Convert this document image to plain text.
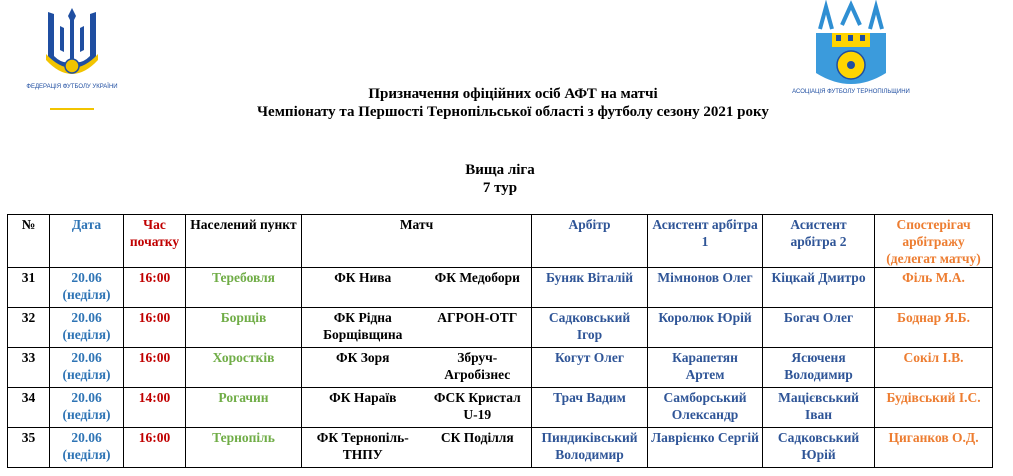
ФЕДЕРАЦІЯ ФУТБОЛУ УКРАЇНИ
АСОЦІАЦІЯ ФУТБОЛУ ТЕРНОПІЛЬЩИНИ
Призначення офіційних осіб АФТ на матчі
Чемпіонату та Першості Тернопільської області з футболу сезону 2021 року
Вища ліга
7 тур
№	Дата	Час початку	Населений пункт	Матч		Арбітр	Асистент арбітра 1	Асистент арбітра 2	Спостерігач арбітражу (делегат матчу)
31	20.06 (неділя)	16:00	Теребовля	ФК Нива	ФК Медобори	Буняк Віталій	Мімнонов Олег	Кіцкай Дмитро	Філь М.А.
32	20.06 (неділя)	16:00	Борщів	ФК Рідна Борщівщина	АГРОН-ОТГ	Садковський Ігор	Королюк Юрій	Богач Олег	Боднар Я.Б.
33	20.06 (неділя)	16:00	Хоростків	ФК Зоря	Збруч-Агробізнес	Когут Олег	Карапетян Артем	Ясюченя Володимир	Сокіл І.В.
34	20.06 (неділя)	14:00	Рогачин	ФК Нараїв	ФСК Кристал U-19	Трач Вадим	Самборський Олександр	Мацієвський Іван	Будівський І.С.
35	20.06 (неділя)	16:00	Тернопіль	ФК Тернопіль-ТНПУ	СК Поділля	Пиндиківський Володимир	Лаврієнко Сергій	Садковський Юрій	Циганков О.Д.
